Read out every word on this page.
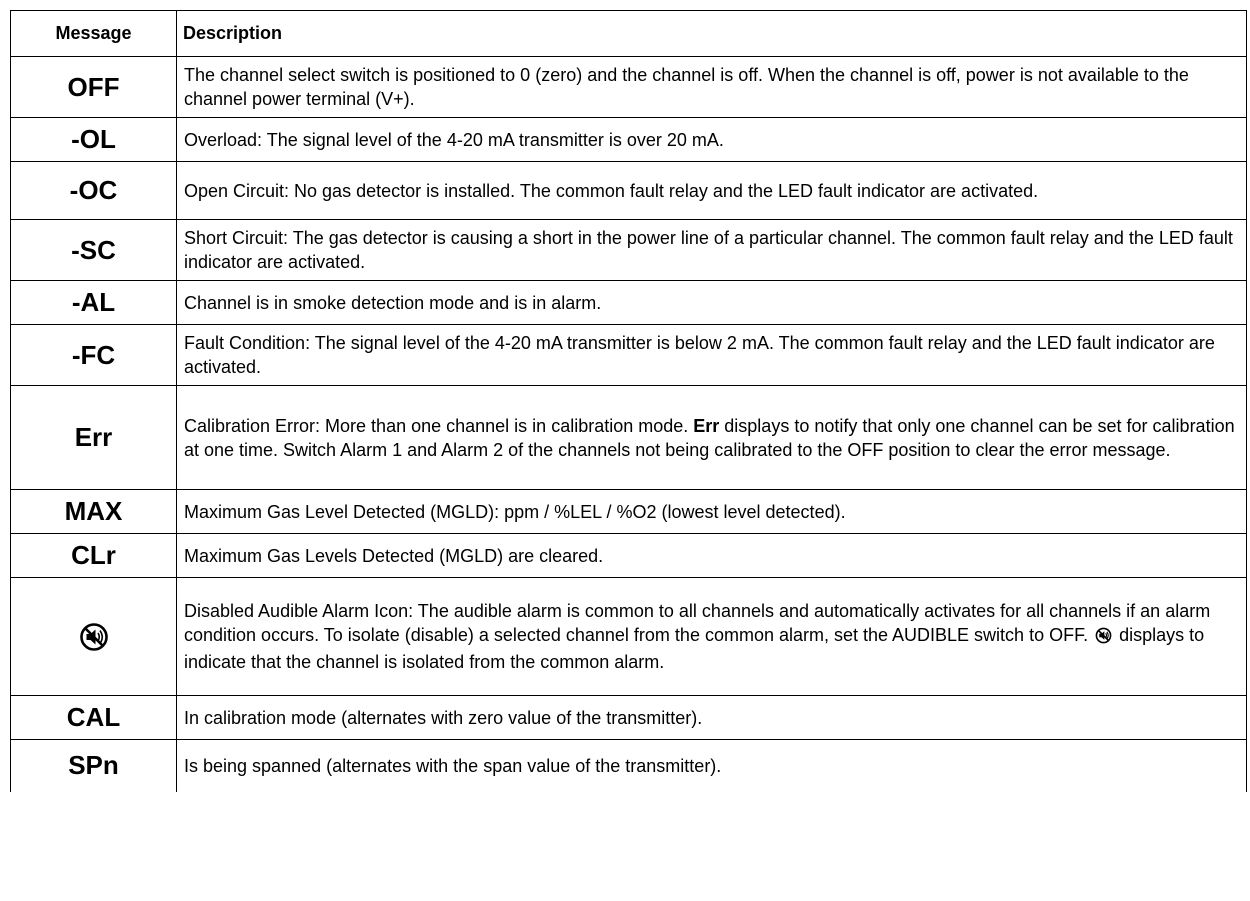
Message	Description
OFF	The channel select switch is positioned to 0 (zero) and the channel is off. When the channel is off, power is not available to the channel power terminal (V+).
-OL	Overload: The signal level of the 4-20 mA transmitter is over 20 mA.
-OC	Open Circuit: No gas detector is installed. The common fault relay and the LED fault indicator are activated.
-SC	Short Circuit: The gas detector is causing a short in the power line of a particular channel. The common fault relay and the LED fault indicator are activated.
-AL	Channel is in smoke detection mode and is in alarm.
-FC	Fault Condition: The signal level of the 4-20 mA transmitter is below 2 mA. The common fault relay and the LED fault indicator are activated.
Err	Calibration Error: More than one channel is in calibration mode. Err displays to notify that only one channel can be set for calibration at one time. Switch Alarm 1 and Alarm 2 of the channels not being calibrated to the OFF position to clear the error message.
MAX	Maximum Gas Level Detected (MGLD): ppm / %LEL / %O2 (lowest level detected).
CLr	Maximum Gas Levels Detected (MGLD) are cleared.

	Disabled Audible Alarm Icon: The audible alarm is common to all channels and automatically activates for all channels if an alarm condition occurs. To isolate (disable) a selected channel from the common alarm, set the AUDIBLE switch to OFF.  displays to indicate that the channel is isolated from the common alarm.
CAL	In calibration mode (alternates with zero value of the transmitter).
SPn	Is being spanned (alternates with the span value of the transmitter).
